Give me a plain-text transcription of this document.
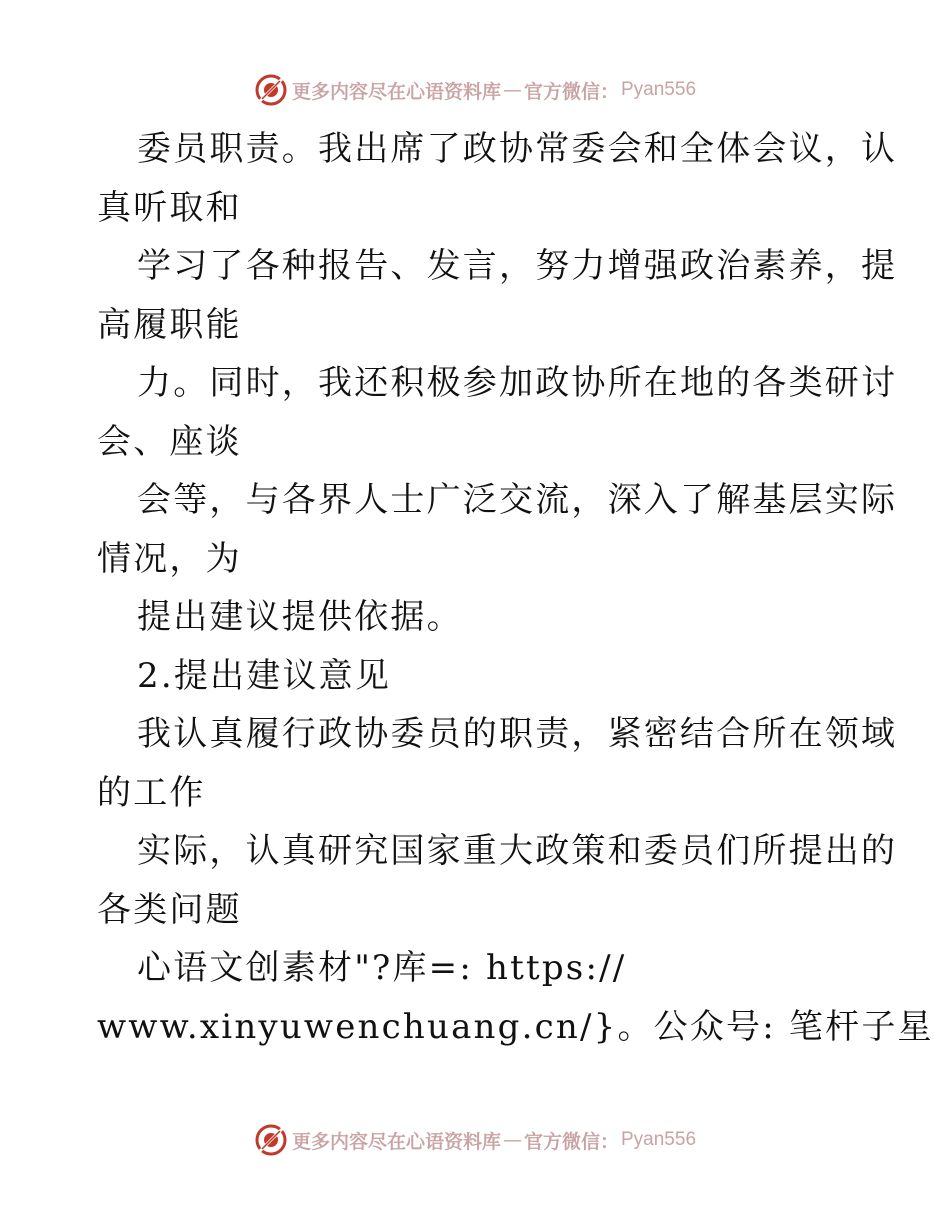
更多内容尽在心语资料库 — 官方微信： Pyan556
委员职责。我出席了政协常委会和全体会议，认
真听取和
学习了各种报告、发言，努力增强政治素养，提
高履职能
力。同时，我还积极参加政协所在地的各类研讨
会、座谈
会等，与各界人士广泛交流，深入了解基层实际
情况，为
提出建议提供依据。
2.提出建议意见
我认真履行政协委员的职责，紧密结合所在领域
的工作
实际，认真研究国家重大政策和委员们所提出的
各类问题
心语文创素材"?库=: https://
www.xinyuwenchuang.cn/}。公众号: 笔杆子星
更多内容尽在心语资料库 — 官方微信： Pyan556
